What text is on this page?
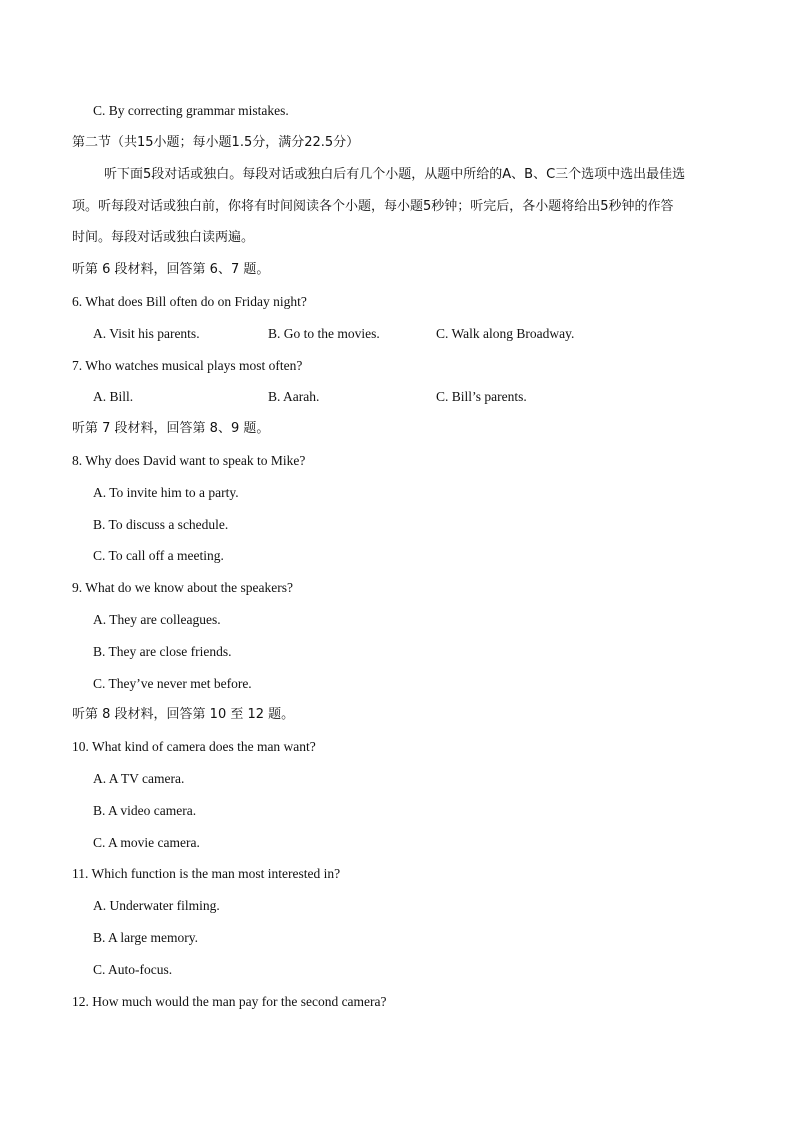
C. By correcting grammar mistakes.
第二节（共15小题；每小题1.5分，满分22.5分）
听下面5段对话或独白。每段对话或独白后有几个小题，从题中所给的A、B、C三个选项中选出最佳选
项。听每段对话或独白前，你将有时间阅读各个小题，每小题5秒钟；听完后，各小题将给出5秒钟的作答
时间。每段对话或独白读两遍。
听第 6 段材料，回答第 6、7 题。
6. What does Bill often do on Friday night?
A. Visit his parents.	B. Go to the movies.	C. Walk along Broadway.
7. Who watches musical plays most often?
A. Bill.	B. Aarah.	C. Bill’s parents.
听第 7 段材料，回答第 8、9 题。
8. Why does David want to speak to Mike?
A. To invite him to a party.
B. To discuss a schedule.
C. To call off a meeting.
9. What do we know about the speakers?
A. They are colleagues.
B. They are close friends.
C. They’ve never met before.
听第 8 段材料，回答第 10 至 12 题。
10. What kind of camera does the man want?
A. A TV camera.
B. A video camera.
C. A movie camera.
11. Which function is the man most interested in?
A. Underwater filming.
B. A large memory.
C. Auto-focus.
12. How much would the man pay for the second camera?
